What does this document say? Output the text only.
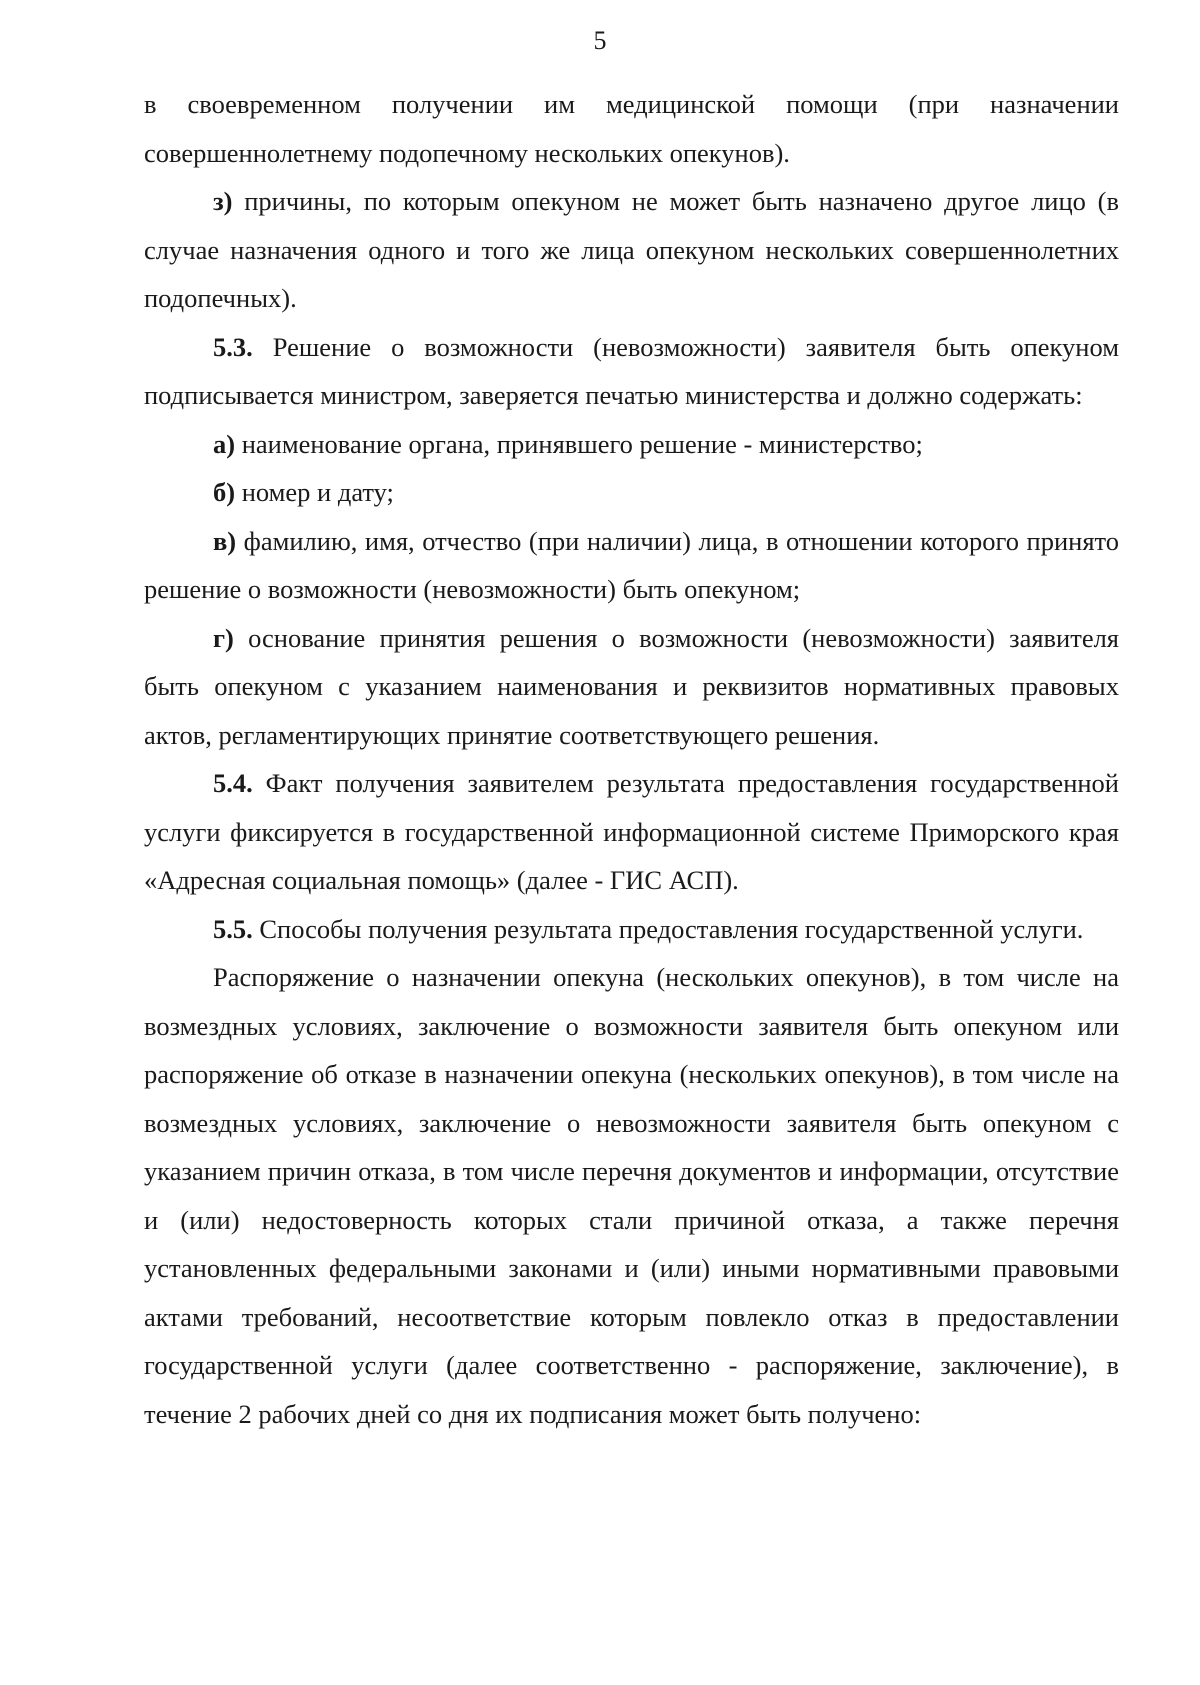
5

в своевременном получении им медицинской помощи (при назначении совершеннолетнему подопечному нескольких опекунов).

з) причины, по которым опекуном не может быть назначено другое лицо (в случае назначения одного и того же лица опекуном нескольких совершеннолетних подопечных).

5.3. Решение о возможности (невозможности) заявителя быть опекуном подписывается министром, заверяется печатью министерства и должно содержать:

а) наименование органа, принявшего решение - министерство;

б) номер и дату;

в) фамилию, имя, отчество (при наличии) лица, в отношении которого принято решение о возможности (невозможности) быть опекуном;

г) основание принятия решения о возможности (невозможности) заявителя быть опекуном с указанием наименования и реквизитов нормативных правовых актов, регламентирующих принятие соответствующего решения.

5.4. Факт получения заявителем результата предоставления государственной услуги фиксируется в государственной информационной системе Приморского края «Адресная социальная помощь» (далее - ГИС АСП).

5.5. Способы получения результата предоставления государственной услуги.

Распоряжение о назначении опекуна (нескольких опекунов), в том числе на возмездных условиях, заключение о возможности заявителя быть опекуном или распоряжение об отказе в назначении опекуна (нескольких опекунов), в том числе на возмездных условиях, заключение о невозможности заявителя быть опекуном с указанием причин отказа, в том числе перечня документов и информации, отсутствие и (или) недостоверность которых стали причиной отказа, а также перечня установленных федеральными законами и (или) иными нормативными правовыми актами требований, несоответствие которым повлекло отказ в предоставлении государственной услуги (далее соответственно - распоряжение, заключение), в течение 2 рабочих дней со дня их подписания может быть получено:
